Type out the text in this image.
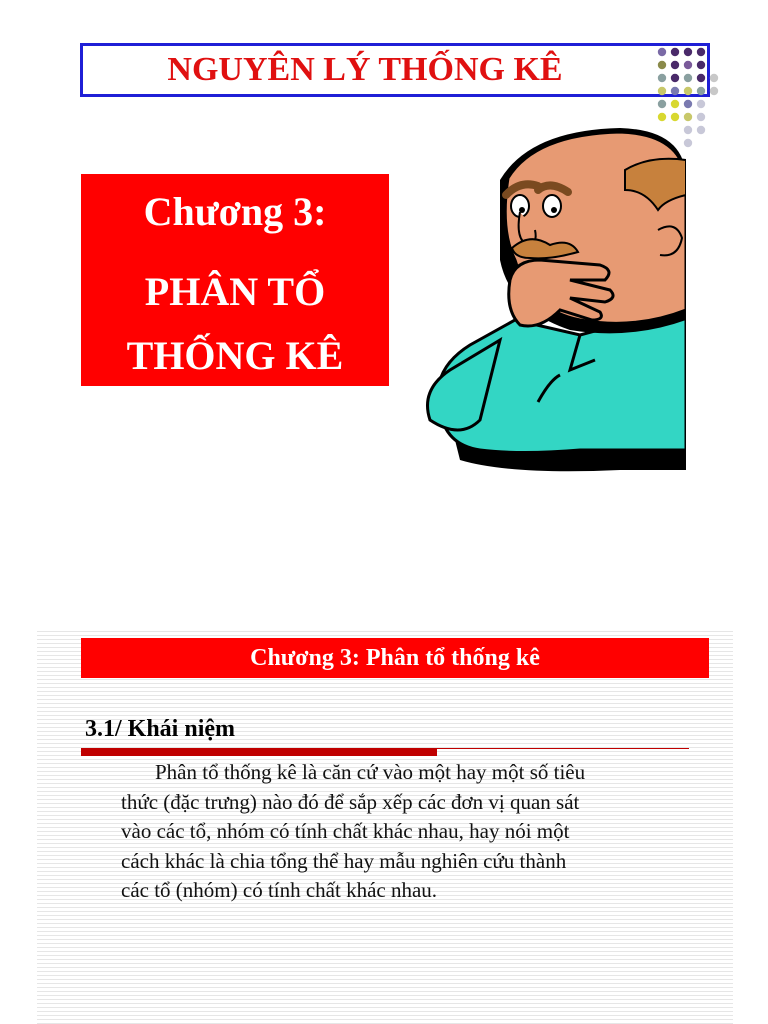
NGUYÊN LÝ THỐNG KÊ
Chương 3:
PHÂN TỔ
THỐNG KÊ
Chương 3: Phân tổ thống kê
3.1/ Khái niệm
Phân tổ thống kê là căn cứ vào một hay một số tiêu
thức (đặc trưng) nào đó để sắp xếp các đơn vị quan sát
vào các tổ, nhóm có tính chất khác nhau, hay nói một
cách khác là chia tổng thể hay mẫu nghiên cứu thành
các tổ (nhóm) có tính chất khác nhau.
